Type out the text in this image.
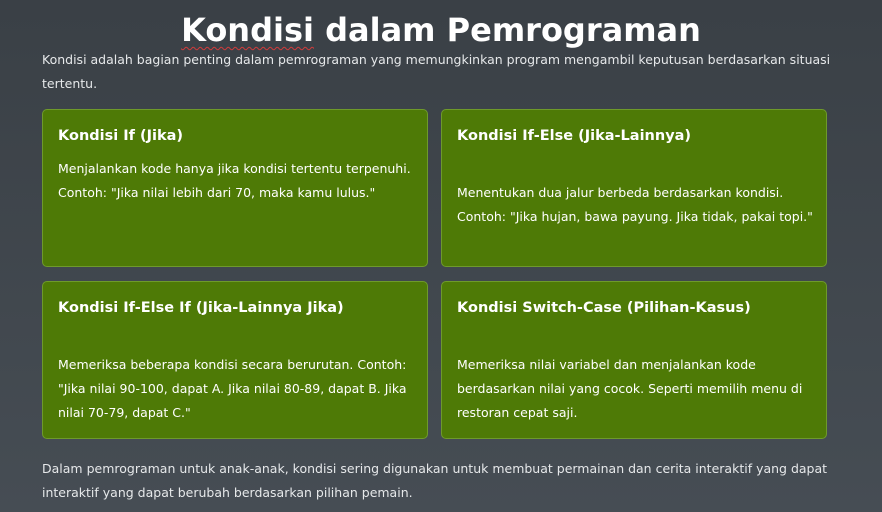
Kondisi dalam Pemrograman

Kondisi adalah bagian penting dalam pemrograman yang memungkinkan program mengambil keputusan berdasarkan situasi tertentu.

Kondisi If (Jika)

Menjalankan kode hanya jika kondisi tertentu terpenuhi. Contoh: "Jika nilai lebih dari 70, maka kamu lulus."

Kondisi If-Else (Jika-Lainnya)

Menentukan dua jalur berbeda berdasarkan kondisi. Contoh: "Jika hujan, bawa payung. Jika tidak, pakai topi."

Kondisi If-Else If (Jika-Lainnya Jika)

Memeriksa beberapa kondisi secara berurutan. Contoh: "Jika nilai 90-100, dapat A. Jika nilai 80-89, dapat B. Jika nilai 70-79, dapat C."

Kondisi Switch-Case (Pilihan-Kasus)

Memeriksa nilai variabel dan menjalankan kode berdasarkan nilai yang cocok. Seperti memilih menu di restoran cepat saji.

Dalam pemrograman untuk anak-anak, kondisi sering digunakan untuk membuat permainan dan cerita interaktif yang dapat interaktif yang dapat berubah berdasarkan pilihan pemain.
